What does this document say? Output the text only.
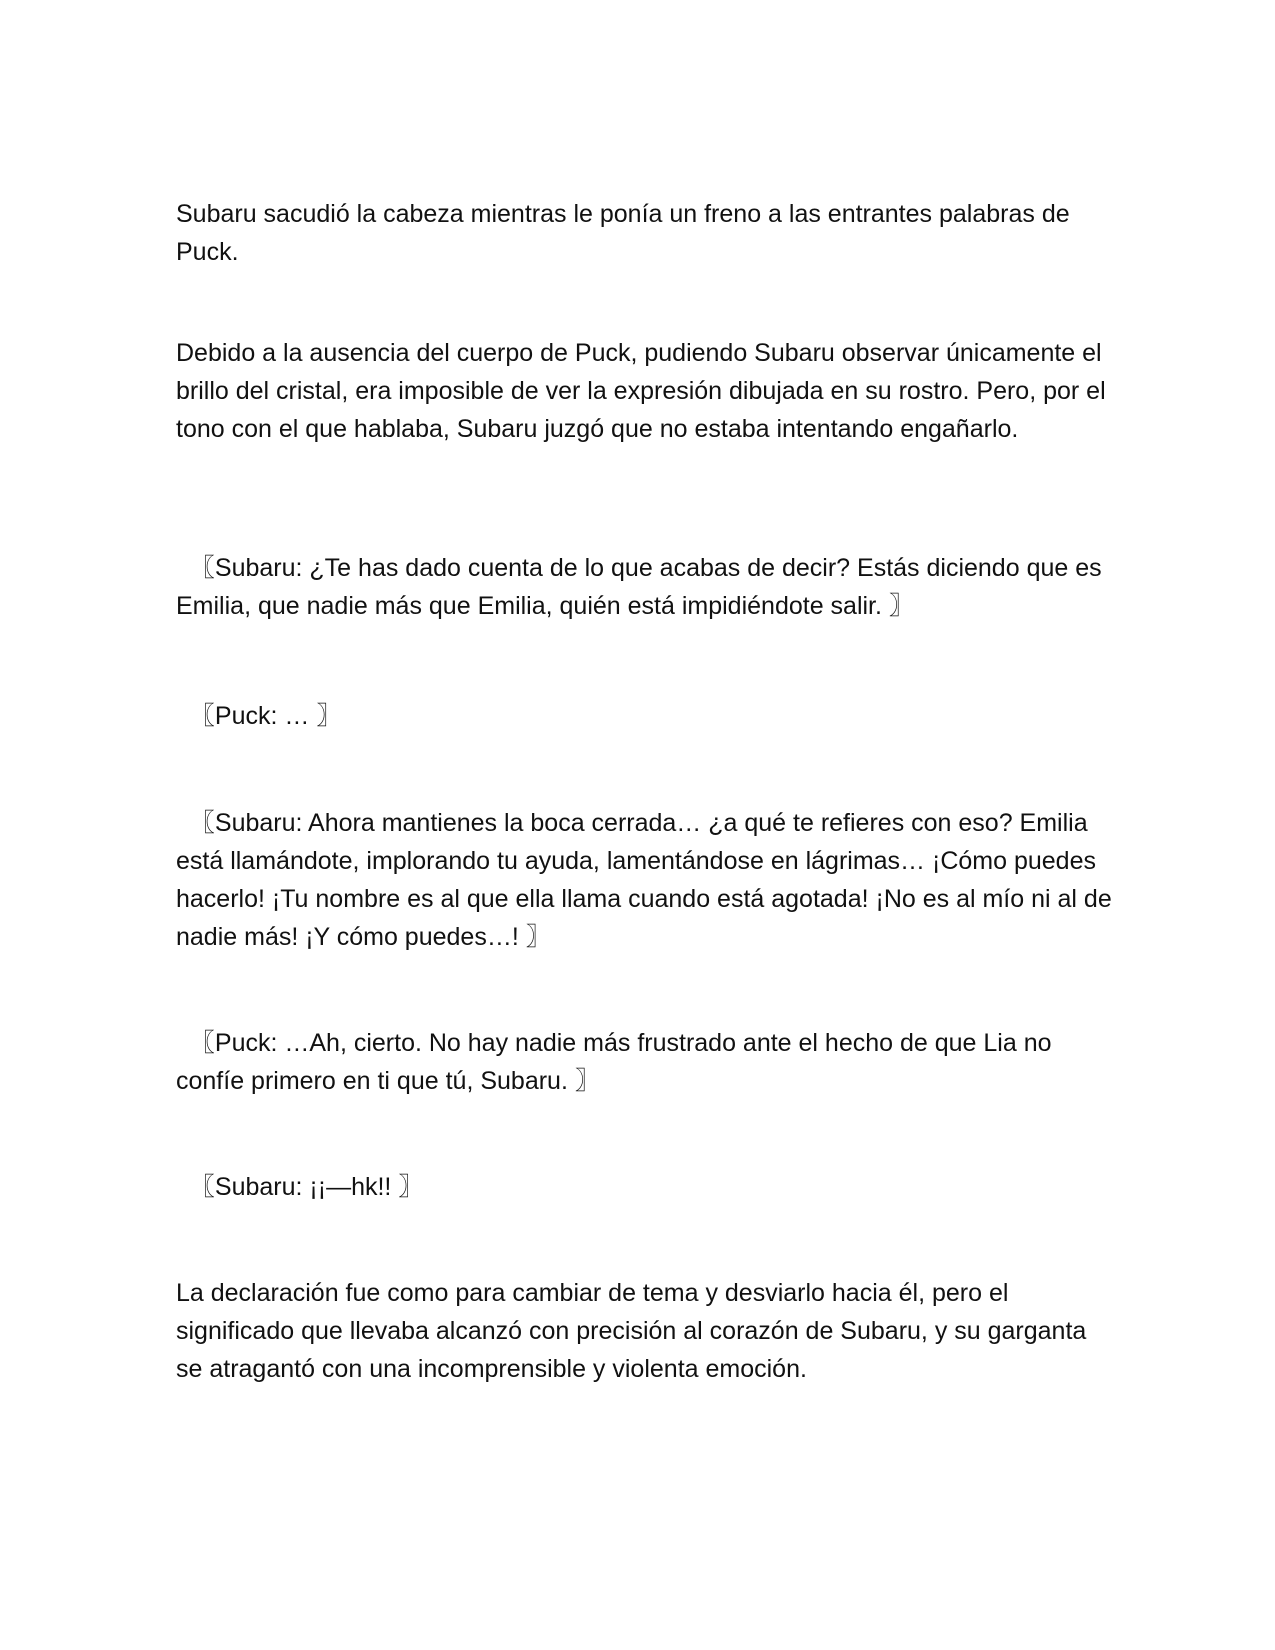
Subaru sacudió la cabeza mientras le ponía un freno a las entrantes palabras de Puck.

Debido a la ausencia del cuerpo de Puck, pudiendo Subaru observar únicamente el brillo del cristal, era imposible de ver la expresión dibujada en su rostro. Pero, por el tono con el que hablaba, Subaru juzgó que no estaba intentando engañarlo.

〖Subaru: ¿Te has dado cuenta de lo que acabas de decir? Estás diciendo que es Emilia, que nadie más que Emilia, quién está impidiéndote salir. 〗

〖Puck: … 〗

〖Subaru: Ahora mantienes la boca cerrada… ¿a qué te refieres con eso? Emilia está llamándote, implorando tu ayuda, lamentándose en lágrimas… ¡Cómo puedes hacerlo! ¡Tu nombre es al que ella llama cuando está agotada! ¡No es al mío ni al de nadie más! ¡Y cómo puedes…! 〗

〖Puck: …Ah, cierto. No hay nadie más frustrado ante el hecho de que Lia no confíe primero en ti que tú, Subaru. 〗

〖Subaru: ¡¡—hk!! 〗

La declaración fue como para cambiar de tema y desviarlo hacia él, pero el significado que llevaba alcanzó con precisión al corazón de Subaru, y su garganta se atragantó con una incomprensible y violenta emoción.
